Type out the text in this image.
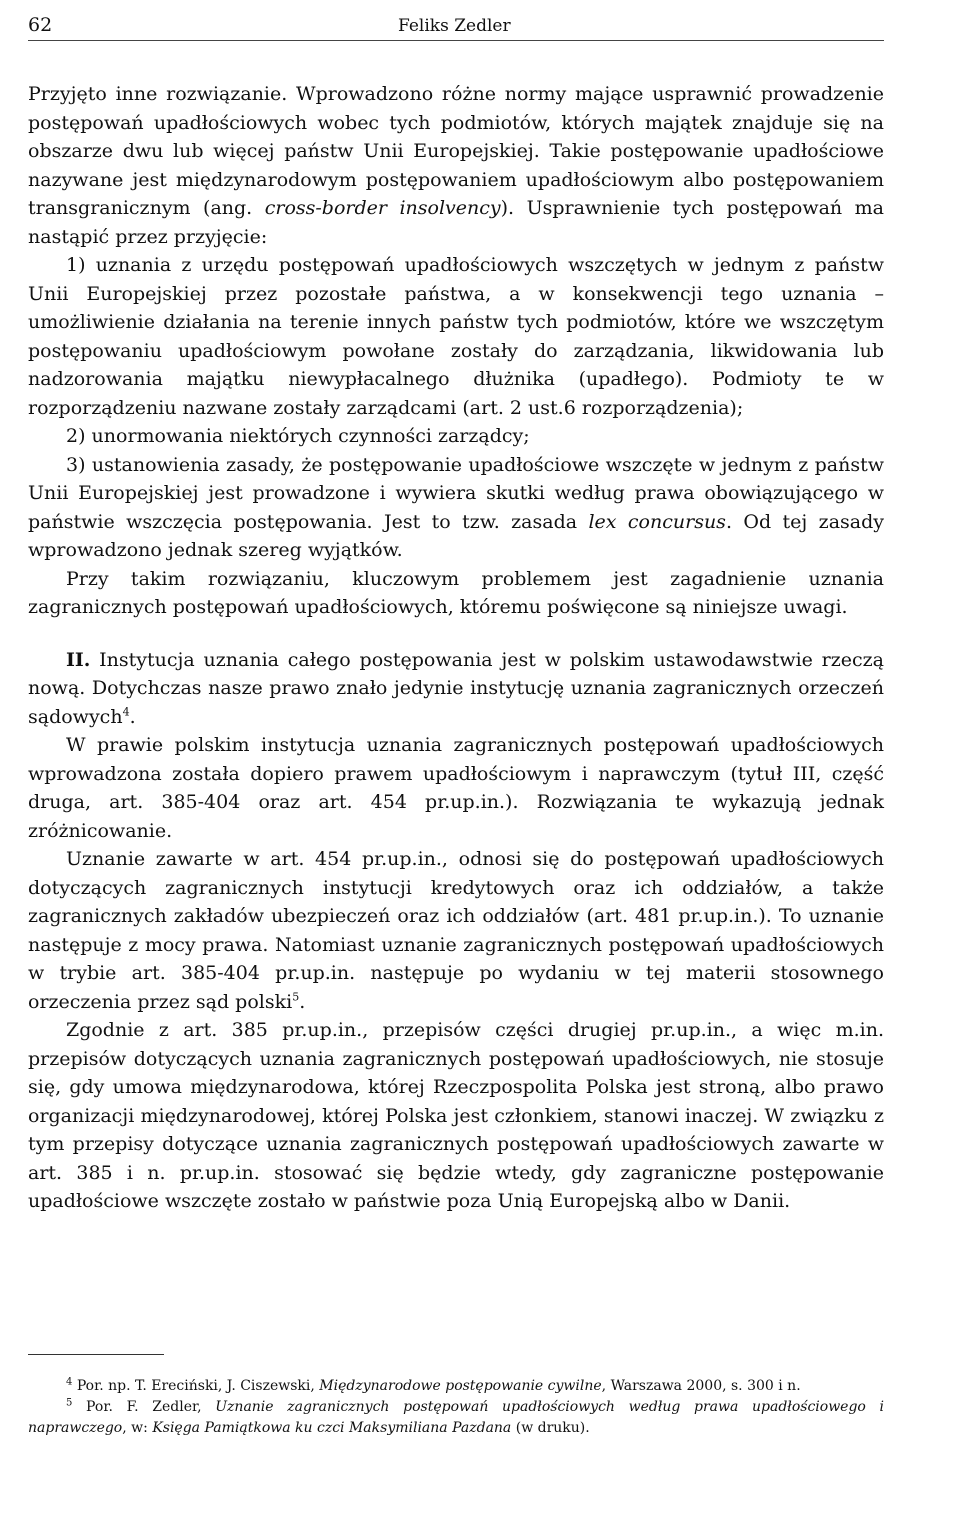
62	Feliks Zedler

Przyjęto inne rozwiązanie. Wprowadzono różne normy mające usprawnić prowadzenie postępowań upadłościowych wobec tych podmiotów, których majątek znajduje się na obszarze dwu lub więcej państw Unii Europejskiej. Takie postępowanie upadłościowe nazywane jest międzynarodowym postępowaniem upadłościowym albo postępowaniem transgranicznym (ang. cross-border insolvency). Usprawnienie tych postępowań ma nastąpić przez przyjęcie:

1) uznania z urzędu postępowań upadłościowych wszczętych w jednym z państw Unii Europejskiej przez pozostałe państwa, a w konsekwencji tego uznania – umożliwienie działania na terenie innych państw tych podmiotów, które we wszczętym postępowaniu upadłościowym powołane zostały do zarządzania, likwidowania lub nadzorowania majątku niewypłacalnego dłużnika (upadłego). Podmioty te w rozporządzeniu nazwane zostały zarządcami (art. 2 ust.6 rozporządzenia);

2) unormowania niektórych czynności zarządcy;

3) ustanowienia zasady, że postępowanie upadłościowe wszczęte w jednym z państw Unii Europejskiej jest prowadzone i wywiera skutki według prawa obowiązującego w państwie wszczęcia postępowania. Jest to tzw. zasada lex concursus. Od tej zasady wprowadzono jednak szereg wyjątków.

Przy takim rozwiązaniu, kluczowym problemem jest zagadnienie uznania zagranicznych postępowań upadłościowych, któremu poświęcone są niniejsze uwagi.

II. Instytucja uznania całego postępowania jest w polskim ustawodawstwie rzeczą nową. Dotychczas nasze prawo znało jedynie instytucję uznania zagranicznych orzeczeń sądowych$^4$.

W prawie polskim instytucja uznania zagranicznych postępowań upadłościowych wprowadzona została dopiero prawem upadłościowym i naprawczym (tytuł III, część druga, art. 385-404 oraz art. 454 pr.up.in.). Rozwiązania te wykazują jednak zróżnicowanie.

Uznanie zawarte w art. 454 pr.up.in., odnosi się do postępowań upadłościowych dotyczących zagranicznych instytucji kredytowych oraz ich oddziałów, a także zagranicznych zakładów ubezpieczeń oraz ich oddziałów (art. 481 pr.up.in.). To uznanie następuje z mocy prawa. Natomiast uznanie zagranicznych postępowań upadłościowych w trybie art. 385-404 pr.up.in. następuje po wydaniu w tej materii stosownego orzeczenia przez sąd polski$^5$.

Zgodnie z art. 385 pr.up.in., przepisów części drugiej pr.up.in., a więc m.in. przepisów dotyczących uznania zagranicznych postępowań upadłościowych, nie stosuje się, gdy umowa międzynarodowa, której Rzeczpospolita Polska jest stroną, albo prawo organizacji międzynarodowej, której Polska jest członkiem, stanowi inaczej. W związku z tym przepisy dotyczące uznania zagranicznych postępowań upadłościowych zawarte w art. 385 i n. pr.up.in. stosować się będzie wtedy, gdy zagraniczne postępowanie upadłościowe wszczęte zostało w państwie poza Unią Europejską albo w Danii.

$^4$ Por. np. T. Ereciński, J. Ciszewski, Międzynarodowe postępowanie cywilne, Warszawa 2000, s. 300 i n.

$^5$ Por. F. Zedler, Uznanie zagranicznych postępowań upadłościowych według prawa upadłościowego i naprawczego, w: Księga Pamiątkowa ku czci Maksymiliana Pazdana (w druku).
